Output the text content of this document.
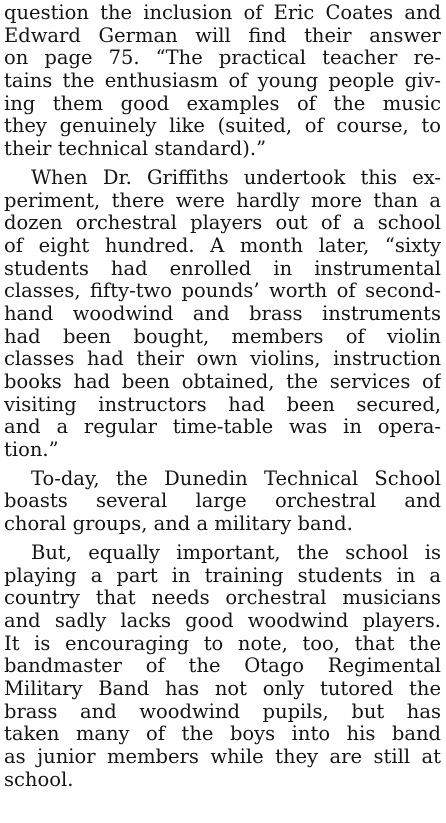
question the inclusion of Eric Coates and
Edward German will find their answer
on page 75. “The practical teacher re-
tains the enthusiasm of young people giv-
ing them good examples of the music
they genuinely like (suited, of course, to
their technical standard).”
When Dr. Griffiths undertook this ex-
periment, there were hardly more than a
dozen orchestral players out of a school
of eight hundred. A month later, “sixty
students had enrolled in instrumental
classes, fifty-two pounds’ worth of second-
hand woodwind and brass instruments
had been bought, members of violin
classes had their own violins, instruction
books had been obtained, the services of
visiting instructors had been secured,
and a regular time-table was in opera-
tion.”
To-day, the Dunedin Technical School
boasts several large orchestral and
choral groups, and a military band.
But, equally important, the school is
playing a part in training students in a
country that needs orchestral musicians
and sadly lacks good woodwind players.
It is encouraging to note, too, that the
bandmaster of the Otago Regimental
Military Band has not only tutored the
brass and woodwind pupils, but has
taken many of the boys into his band
as junior members while they are still at
school.
